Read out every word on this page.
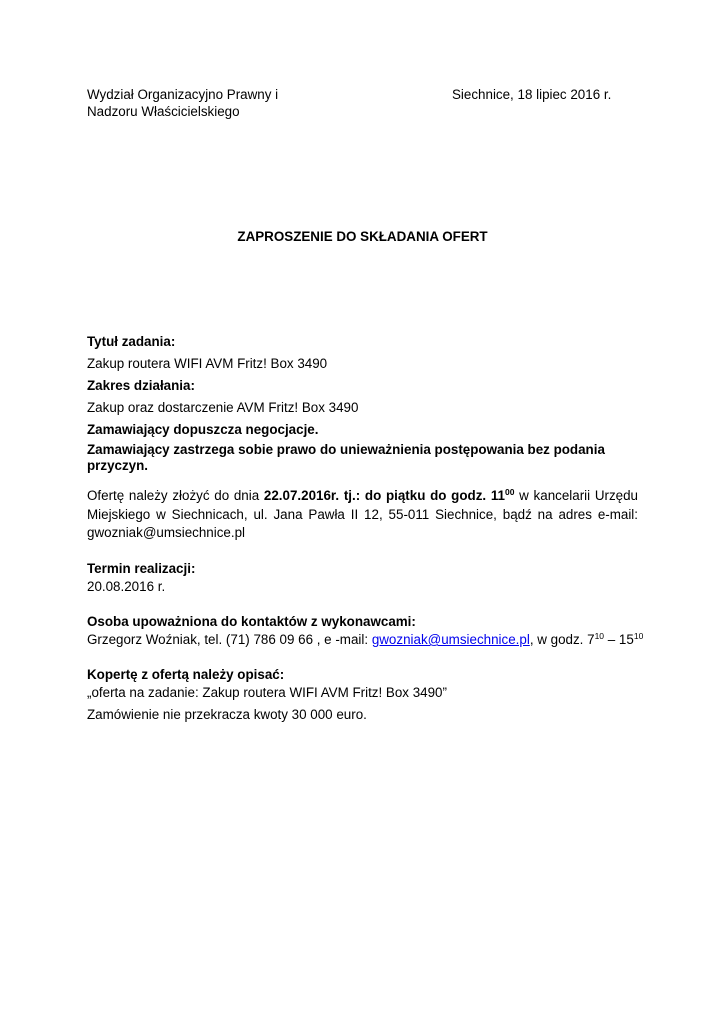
Wydział Organizacyjno Prawny i
Nadzoru Właścicielskiego
Siechnice, 18 lipiec 2016 r.
ZAPROSZENIE DO SKŁADANIA OFERT
Tytuł zadania:
Zakup routera WIFI AVM Fritz! Box 3490
Zakres działania:
Zakup oraz dostarczenie AVM Fritz! Box 3490
Zamawiający dopuszcza negocjacje.
Zamawiający zastrzega sobie prawo do unieważnienia postępowania bez podania przyczyn.
Ofertę należy złożyć do dnia 22.07.2016r. tj.: do piątku do godz. $11^{00}$ w kancelarii Urzędu Miejskiego w Siechnicach, ul. Jana Pawła II 12, 55-011 Siechnice, bądź na adres e-mail: gwozniak@umsiechnice.pl
Termin realizacji:
20.08.2016 r.
Osoba upoważniona do kontaktów z wykonawcami:
Grzegorz Woźniak, tel. (71) 786 09 66 , e -mail: gwozniak@umsiechnice.pl, w godz. $7^{10} - 15^{10}$
Kopertę z ofertą należy opisać:
„oferta na zadanie: Zakup routera WIFI AVM Fritz! Box 3490”
Zamówienie nie przekracza kwoty 30 000 euro.
